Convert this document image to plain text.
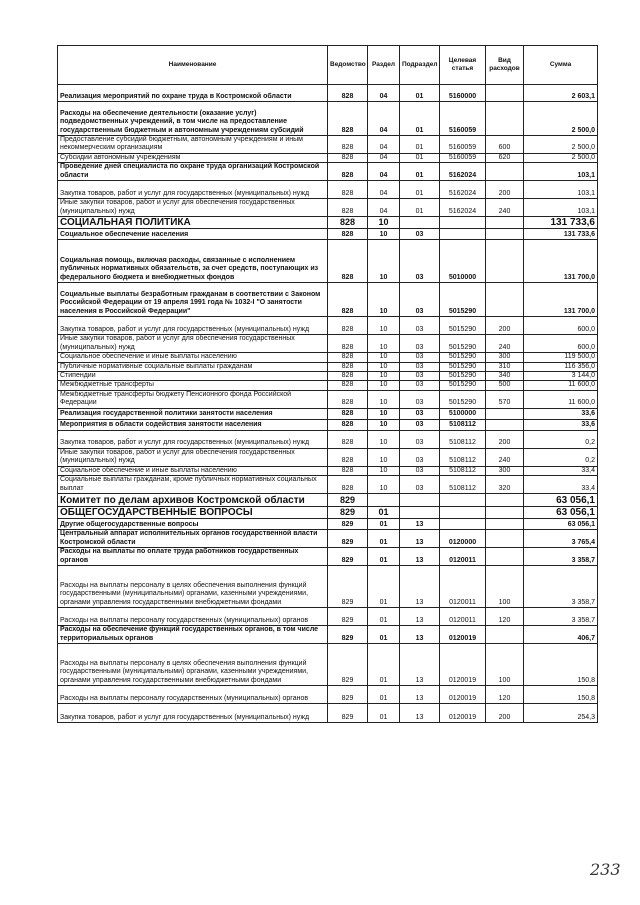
Наименование	Ведомство	Раздел	Подраздел	Целевая статья	Вид расходов	Сумма
Реализация мероприятий по охране труда в Костромской области	828	04	01	5160000		2 603,1
Расходы на обеспечение деятельности (оказание услуг) подведомственных учреждений, в том числе на предоставление государственным бюджетным и автономным учреждениям субсидий	828	04	01	5160059		2 500,0
Предоставление субсидий бюджетным, автономным учреждениям и иным некоммерческим организациям	828	04	01	5160059	600	2 500,0
Субсидии автономным учреждениям	828	04	01	5160059	620	2 500,0
Проведение дней специалиста по охране труда организаций Костромской области	828	04	01	5162024		103,1
Закупка товаров, работ и услуг для государственных (муниципальных) нужд	828	04	01	5162024	200	103,1
Иные закупки товаров, работ и услуг для обеспечения государственных (муниципальных) нужд	828	04	01	5162024	240	103,1
СОЦИАЛЬНАЯ ПОЛИТИКА	828	10				131 733,6
Социальное обеспечение населения	828	10	03			131 733,6
Социальная помощь, включая расходы, связанные с исполнением публичных нормативных обязательств, за счет средств, поступающих из федерального бюджета и внебюджетных фондов	828	10	03	5010000		131 700,0
Социальные выплаты безработным гражданам в соответствии с Законом Российской Федерации от 19 апреля 1991 года № 1032-I "О занятости населения в Российской Федерации"	828	10	03	5015290		131 700,0
Закупка товаров, работ и услуг для государственных (муниципальных) нужд	828	10	03	5015290	200	600,0
Иные закупки товаров, работ и услуг для обеспечения государственных (муниципальных) нужд	828	10	03	5015290	240	600,0
Социальное обеспечение и иные выплаты населению	828	10	03	5015290	300	119 500,0
Публичные нормативные социальные выплаты гражданам	828	10	03	5015290	310	116 356,0
Стипендии	828	10	03	5015290	340	3 144,0
Межбюджетные трансферты	828	10	03	5015290	500	11 600,0
Межбюджетные трансферты бюджету Пенсионного фонда Российской Федерации	828	10	03	5015290	570	11 600,0
Реализация государственной политики занятости населения	828	10	03	5100000		33,6
Мероприятия в области содействия занятости населения	828	10	03	5108112		33,6
Закупка товаров, работ и услуг для государственных (муниципальных) нужд	828	10	03	5108112	200	0,2
Иные закупки товаров, работ и услуг для обеспечения государственных (муниципальных) нужд	828	10	03	5108112	240	0,2
Социальное обеспечение и иные выплаты населению	828	10	03	5108112	300	33,4
Социальные выплаты гражданам, кроме публичных нормативных социальных выплат	828	10	03	5108112	320	33,4
Комитет по делам архивов Костромской области	829					63 056,1
ОБЩЕГОСУДАРСТВЕННЫЕ ВОПРОСЫ	829	01				63 056,1
Другие общегосударственные вопросы	829	01	13			63 056,1
Центральный аппарат исполнительных органов государственной власти Костромской области	829	01	13	0120000		3 765,4
Расходы на выплаты по оплате труда работников государственных органов	829	01	13	0120011		3 358,7
Расходы на выплаты персоналу в целях обеспечения выполнения функций государственными (муниципальными) органами, казенными учреждениями, органами управления государственными внебюджетными фондами	829	01	13	0120011	100	3 358,7
Расходы на выплаты персоналу государственных (муниципальных) органов	829	01	13	0120011	120	3 358,7
Расходы на обеспечение функций государственных органов, в том числе территориальных органов	829	01	13	0120019		406,7
Расходы на выплаты персоналу в целях обеспечения выполнения функций государственными (муниципальными) органами, казенными учреждениями, органами управления государственными внебюджетными фондами	829	01	13	0120019	100	150,8
Расходы на выплаты персоналу государственных (муниципальных) органов	829	01	13	0120019	120	150,8
Закупка товаров, работ и услуг для государственных (муниципальных) нужд	829	01	13	0120019	200	254,3
233
